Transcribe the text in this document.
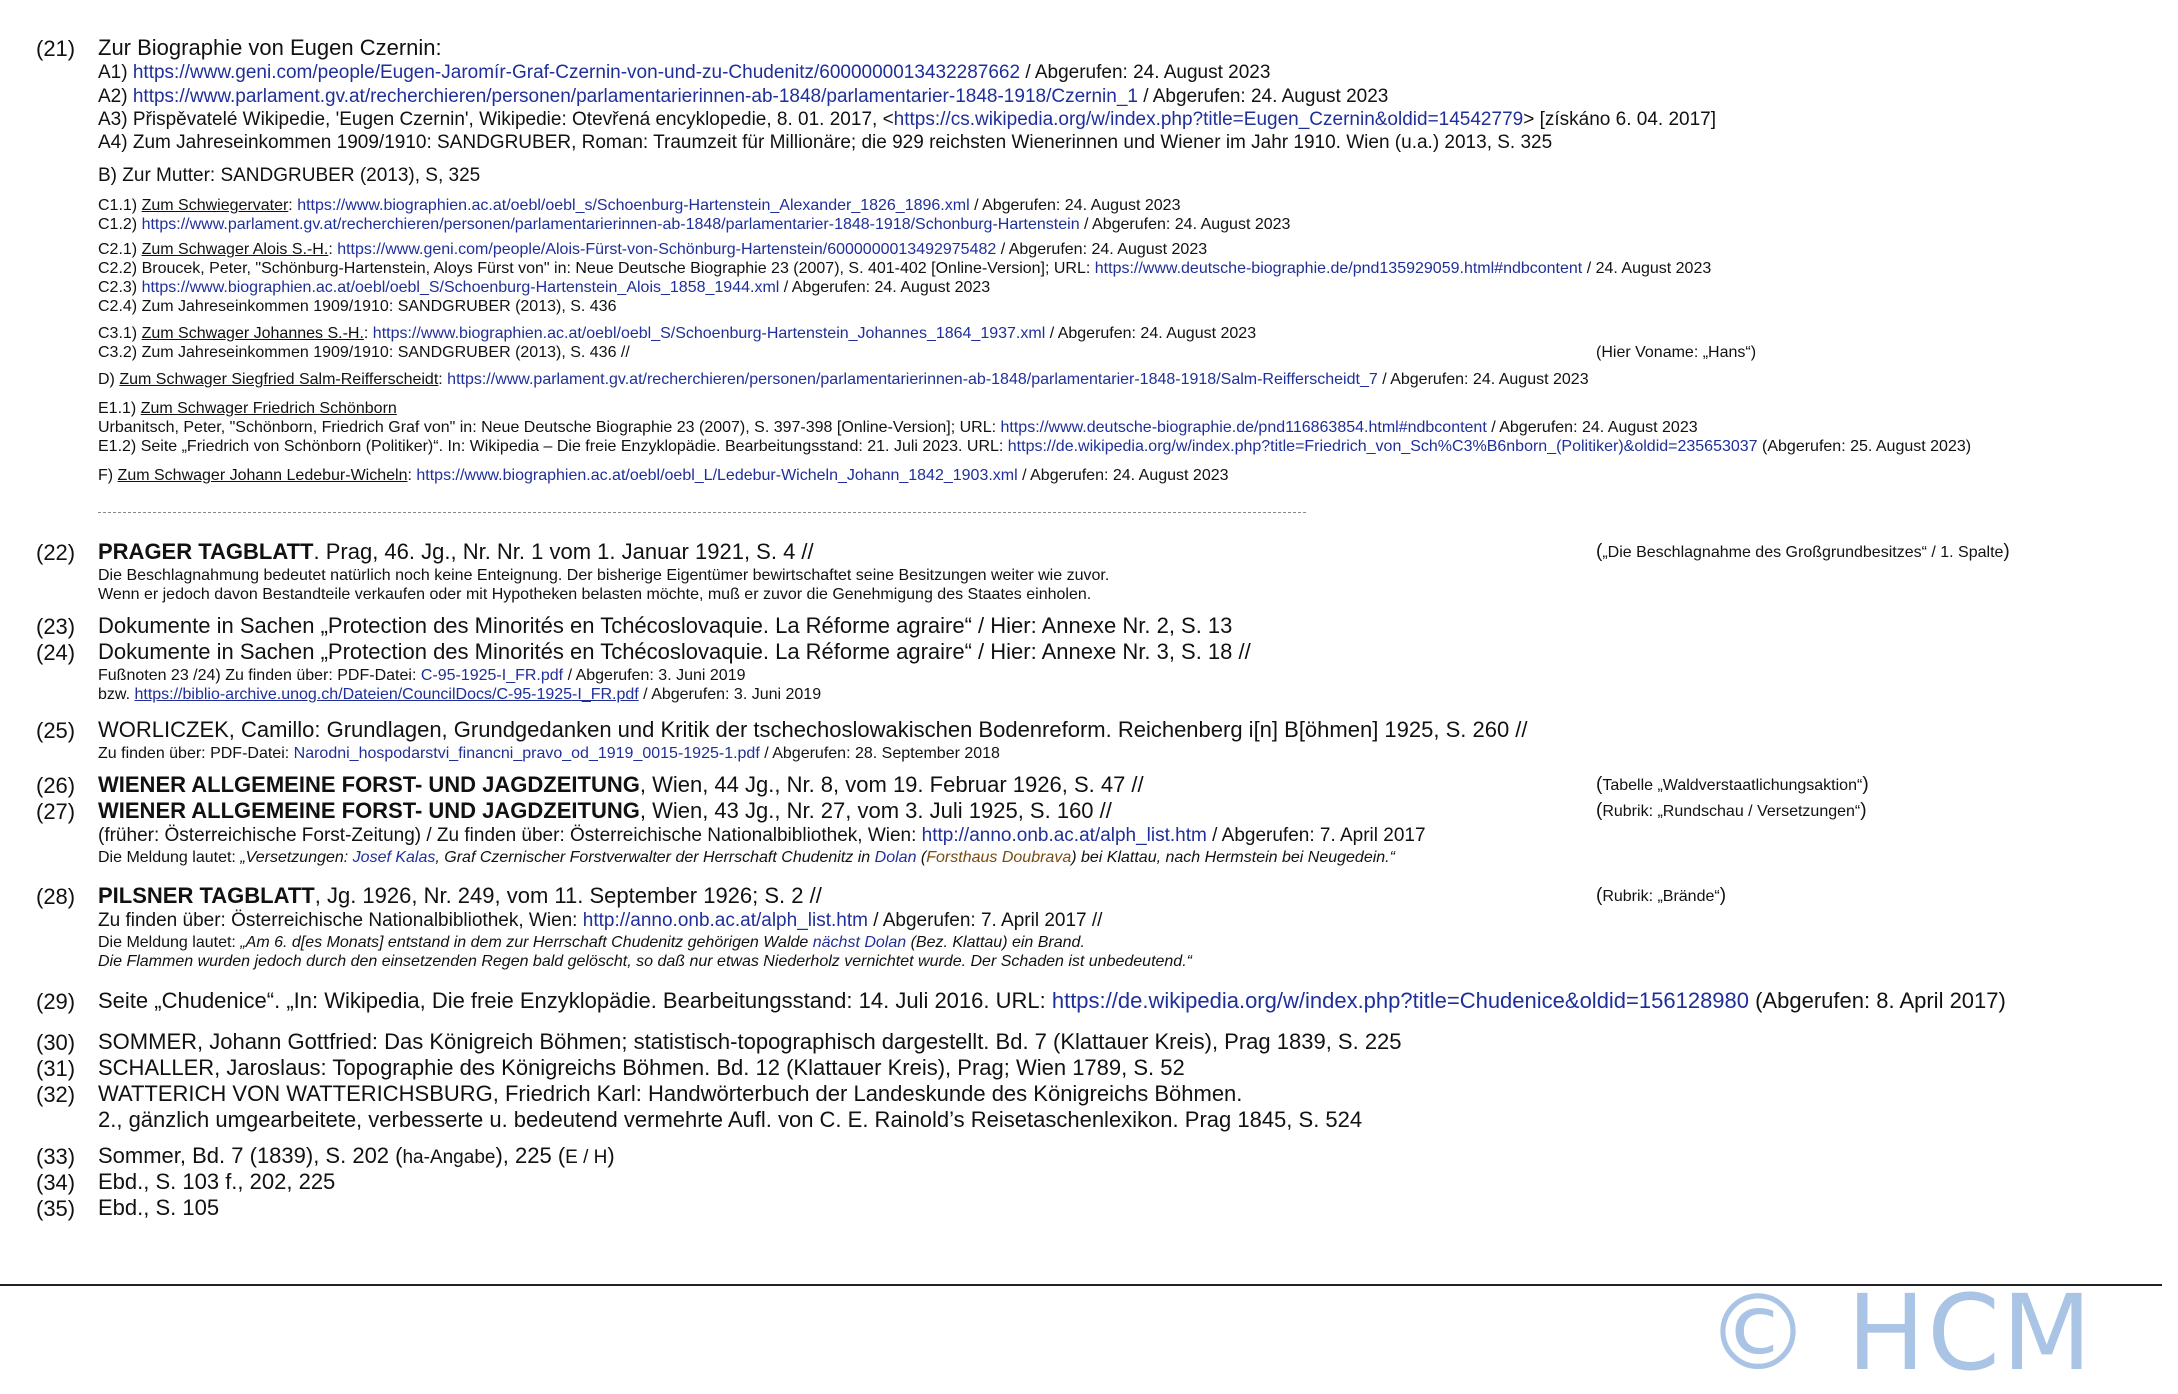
(21) Zur Biographie von Eugen Czernin:
A1) https://www.geni.com/people/Eugen-Jaromír-Graf-Czernin-von-und-zu-Chudenitz/6000000013432287662 / Abgerufen: 24. August 2023
A2) https://www.parlament.gv.at/recherchieren/personen/parlamentarierinnen-ab-1848/parlamentarier-1848-1918/Czernin_1 / Abgerufen: 24. August 2023
A3) Přispěvatelé Wikipedie, 'Eugen Czernin', Wikipedie: Otevřená encyklopedie, 8. 01. 2017, <https://cs.wikipedia.org/w/index.php?title=Eugen_Czernin&oldid=14542779> [získáno 6. 04. 2017]
A4) Zum Jahreseinkommen 1909/1910: SANDGRUBER, Roman: Traumzeit für Millionäre; die 929 reichsten Wienerinnen und Wiener im Jahr 1910. Wien (u.a.) 2013, S. 325
B) Zur Mutter: SANDGRUBER (2013), S, 325
C1.1) Zum Schwiegervater: https://www.biographien.ac.at/oebl/oebl_s/Schoenburg-Hartenstein_Alexander_1826_1896.xml / Abgerufen: 24. August 2023
C1.2) https://www.parlament.gv.at/recherchieren/personen/parlamentarierinnen-ab-1848/parlamentarier-1848-1918/Schonburg-Hartenstein / Abgerufen: 24. August 2023
C2.1) Zum Schwager Alois S.-H.: https://www.geni.com/people/Alois-Fürst-von-Schönburg-Hartenstein/6000000013492975482 / Abgerufen: 24. August 2023
C2.2) Broucek, Peter, "Schönburg-Hartenstein, Aloys Fürst von" in: Neue Deutsche Biographie 23 (2007), S. 401-402 [Online-Version]; URL: https://www.deutsche-biographie.de/pnd135929059.html#ndbcontent / 24. August 2023
C2.3) https://www.biographien.ac.at/oebl/oebl_S/Schoenburg-Hartenstein_Alois_1858_1944.xml / Abgerufen: 24. August 2023
C2.4) Zum Jahreseinkommen 1909/1910: SANDGRUBER (2013), S. 436
C3.1) Zum Schwager Johannes S.-H.: https://www.biographien.ac.at/oebl/oebl_S/Schoenburg-Hartenstein_Johannes_1864_1937.xml / Abgerufen: 24. August 2023
C3.2) Zum Jahreseinkommen 1909/1910: SANDGRUBER (2013), S. 436 //	(Hier Voname: „Hans“)
D) Zum Schwager Siegfried Salm-Reifferscheidt: https://www.parlament.gv.at/recherchieren/personen/parlamentarierinnen-ab-1848/parlamentarier-1848-1918/Salm-Reifferscheidt_7 / Abgerufen: 24. August 2023
E1.1) Zum Schwager Friedrich Schönborn
Urbanitsch, Peter, "Schönborn, Friedrich Graf von" in: Neue Deutsche Biographie 23 (2007), S. 397-398 [Online-Version]; URL: https://www.deutsche-biographie.de/pnd116863854.html#ndbcontent / Abgerufen: 24. August 2023
E1.2) Seite „Friedrich von Schönborn (Politiker)“. In: Wikipedia – Die freie Enzyklopädie. Bearbeitungsstand: 21. Juli 2023. URL: https://de.wikipedia.org/w/index.php?title=Friedrich_von_Sch%C3%B6nborn_(Politiker)&oldid=235653037 (Abgerufen: 25. August 2023)
F) Zum Schwager Johann Ledebur-Wicheln: https://www.biographien.ac.at/oebl/oebl_L/Ledebur-Wicheln_Johann_1842_1903.xml / Abgerufen: 24. August 2023
(22) PRAGER TAGBLATT. Prag, 46. Jg., Nr. Nr. 1 vom 1. Januar 1921, S. 4 //	(„Die Beschlagnahme des Großgrundbesitzes“ / 1. Spalte)
Die Beschlagnahmung bedeutet natürlich noch keine Enteignung. Der bisherige Eigentümer bewirtschaftet seine Besitzungen weiter wie zuvor.
Wenn er jedoch davon Bestandteile verkaufen oder mit Hypotheken belasten möchte, muß er zuvor die Genehmigung des Staates einholen.
(23) Dokumente in Sachen „Protection des Minorités en Tchécoslovaquie. La Réforme agraire“ / Hier: Annexe Nr. 2, S. 13
(24) Dokumente in Sachen „Protection des Minorités en Tchécoslovaquie. La Réforme agraire“ / Hier: Annexe Nr. 3, S. 18 //
Fußnoten 23 /24) Zu finden über: PDF-Datei: C-95-1925-I_FR.pdf / Abgerufen: 3. Juni 2019
bzw. https://biblio-archive.unog.ch/Dateien/CouncilDocs/C-95-1925-I_FR.pdf / Abgerufen: 3. Juni 2019
(25) WORLICZEK, Camillo: Grundlagen, Grundgedanken und Kritik der tschechoslowakischen Bodenreform. Reichenberg i[n] B[öhmen] 1925, S. 260 //
Zu finden über: PDF-Datei: Narodni_hospodarstvi_financni_pravo_od_1919_0015-1925-1.pdf / Abgerufen: 28. September 2018
(26) WIENER ALLGEMEINE FORST- UND JAGDZEITUNG, Wien, 44 Jg., Nr. 8, vom 19. Februar 1926, S. 47 //	(Tabelle „Waldverstaatlichungsaktion“)
(27) WIENER ALLGEMEINE FORST- UND JAGDZEITUNG, Wien, 43 Jg., Nr. 27, vom 3. Juli 1925, S. 160 //	(Rubrik: „Rundschau / Versetzungen“)
(früher: Österreichische Forst-Zeitung) / Zu finden über: Österreichische Nationalbibliothek, Wien: http://anno.onb.ac.at/alph_list.htm / Abgerufen: 7. April 2017
Die Meldung lautet: „Versetzungen: Josef Kalas, Graf Czernischer Forstverwalter der Herrschaft Chudenitz in Dolan (Forsthaus Doubrava) bei Klattau, nach Hermstein bei Neugedein.“
(28) PILSNER TAGBLATT, Jg. 1926, Nr. 249, vom 11. September 1926; S. 2 //	(Rubrik: „Brände“)
Zu finden über: Österreichische Nationalbibliothek, Wien: http://anno.onb.ac.at/alph_list.htm / Abgerufen: 7. April 2017 //
Die Meldung lautet: „Am 6. d[es Monats] entstand in dem zur Herrschaft Chudenitz gehörigen Walde nächst Dolan (Bez. Klattau) ein Brand.
Die Flammen wurden jedoch durch den einsetzenden Regen bald gelöscht, so daß nur etwas Niederholz vernichtet wurde. Der Schaden ist unbedeutend.“
(29) Seite „Chudenice“. „In: Wikipedia, Die freie Enzyklopädie. Bearbeitungsstand: 14. Juli 2016. URL: https://de.wikipedia.org/w/index.php?title=Chudenice&oldid=156128980 (Abgerufen: 8. April 2017)
(30) SOMMER, Johann Gottfried: Das Königreich Böhmen; statistisch-topographisch dargestellt. Bd. 7 (Klattauer Kreis), Prag 1839, S. 225
(31) SCHALLER, Jaroslaus: Topographie des Königreichs Böhmen. Bd. 12 (Klattauer Kreis), Prag; Wien 1789, S. 52
(32) WATTERICH VON WATTERICHSBURG, Friedrich Karl: Handwörterbuch der Landeskunde des Königreichs Böhmen.
2., gänzlich umgearbeitete, verbesserte u. bedeutend vermehrte Aufl. von C. E. Rainold’s Reisetaschenlexikon. Prag 1845, S. 524
(33) Sommer, Bd. 7 (1839), S. 202 (ha-Angabe), 225 (E / H)
(34) Ebd., S. 103 f., 202, 225
(35) Ebd., S. 105
© HCM
